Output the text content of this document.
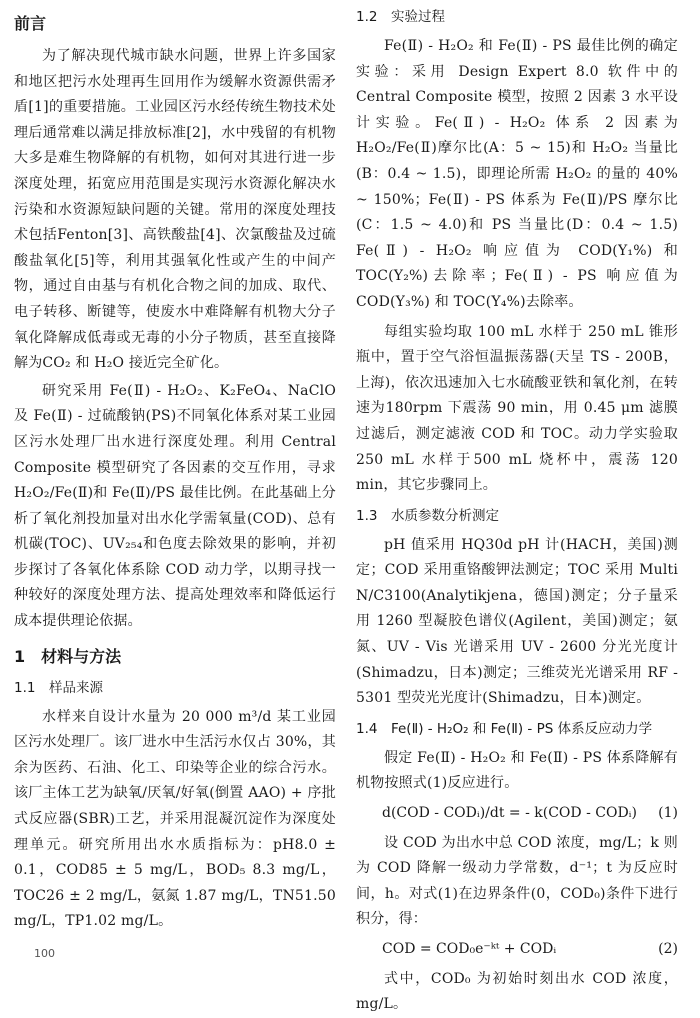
前言

为了解决现代城市缺水问题，世界上许多国家和地区把污水处理再生回用作为缓解水资源供需矛盾[1]的重要措施。工业园区污水经传统生物技术处理后通常难以满足排放标准[2]，水中残留的有机物大多是难生物降解的有机物，如何对其进行进一步深度处理，拓宽应用范围是实现污水资源化解决水污染和水资源短缺问题的关键。常用的深度处理技术包括Fenton[3]、高铁酸盐[4]、次氯酸盐及过硫酸盐氧化[5]等，利用其强氧化性或产生的中间产物，通过自由基与有机化合物之间的加成、取代、电子转移、断键等，使废水中难降解有机物大分子氧化降解成低毒或无毒的小分子物质，甚至直接降解为CO₂ 和 H₂O 接近完全矿化。

研究采用 Fe(Ⅱ) - H₂O₂、K₂FeO₄、NaClO 及 Fe(Ⅱ) - 过硫酸钠(PS)不同氧化体系对某工业园区污水处理厂出水进行深度处理。利用 Central Composite 模型研究了各因素的交互作用，寻求 H₂O₂/Fe(Ⅱ)和 Fe(Ⅱ)/PS 最佳比例。在此基础上分析了氧化剂投加量对出水化学需氧量(COD)、总有机碳(TOC)、UV₂₅₄和色度去除效果的影响，并初步探讨了各氧化体系除 COD 动力学，以期寻找一种较好的深度处理方法、提高处理效率和降低运行成本提供理论依据。

1　材料与方法
1.1　样品来源

水样来自设计水量为 20 000 m³/d 某工业园区污水处理厂。该厂进水中生活污水仅占 30%，其余为医药、石油、化工、印染等企业的综合污水。该厂主体工艺为缺氧/厌氧/好氧(倒置 AAO) + 序批式反应器(SBR)工艺，并采用混凝沉淀作为深度处理单元。研究所用出水水质指标为：pH8.0 ± 0.1，COD85 ± 5 mg/L，BOD₅ 8.3 mg/L，TOC26 ± 2 mg/L，氨氮 1.87 mg/L，TN51.50 mg/L，TP1.02 mg/L。

1.2　实验过程

Fe(Ⅱ) - H₂O₂ 和 Fe(Ⅱ) - PS 最佳比例的确定实验：采用 Design Expert 8.0 软件中的 Central Composite 模型，按照 2 因素 3 水平设计实验。Fe(Ⅱ) - H₂O₂ 体系 2 因素为 H₂O₂/Fe(Ⅱ)摩尔比(A：5 ~ 15)和 H₂O₂ 当量比(B：0.4 ~ 1.5)，即理论所需 H₂O₂ 的量的 40% ~ 150%；Fe(Ⅱ) - PS 体系为 Fe(Ⅱ)/PS 摩尔比(C：1.5 ~ 4.0)和 PS 当量比(D：0.4 ~ 1.5) Fe(Ⅱ) - H₂O₂ 响应值为 COD(Y₁%) 和 TOC(Y₂%)去除率；Fe(Ⅱ) - PS 响应值为 COD(Y₃%) 和 TOC(Y₄%)去除率。

每组实验均取 100 mL 水样于 250 mL 锥形瓶中，置于空气浴恒温振荡器(天呈 TS - 200B，上海)，依次迅速加入七水硫酸亚铁和氧化剂，在转速为180rpm 下震荡 90 min，用 0.45 μm 滤膜过滤后，测定滤液 COD 和 TOC。动力学实验取 250 mL 水样于500 mL 烧杯中，震荡 120 min，其它步骤同上。

1.3　水质参数分析测定

pH 值采用 HQ30d pH 计(HACH，美国)测定；COD 采用重铬酸钾法测定；TOC 采用 Multi N/C3100(Analytikjena，德国)测定；分子量采用 1260 型凝胶色谱仪(Agilent，美国)测定；氨氮、UV - Vis 光谱采用 UV - 2600 分光光度计(Shimadzu，日本)测定；三维荧光光谱采用 RF - 5301 型荧光光度计(Shimadzu，日本)测定。

1.4　Fe(Ⅱ) - H₂O₂ 和 Fe(Ⅱ) - PS 体系反应动力学

假定 Fe(Ⅱ) - H₂O₂ 和 Fe(Ⅱ) - PS 体系降解有机物按照式(1)反应进行。

d(COD - CODᵢ)/dt = - k(COD - CODᵢ) (1)

设 COD 为出水中总 COD 浓度，mg/L；k 则为 COD 降解一级动力学常数，d⁻¹；t 为反应时间，h。对式(1)在边界条件(0，COD₀)条件下进行积分，得：

COD = COD₀e⁻ᵏᵗ + CODᵢ	(2)

式中，COD₀ 为初始时刻出水 COD 浓度，mg/L。

100
